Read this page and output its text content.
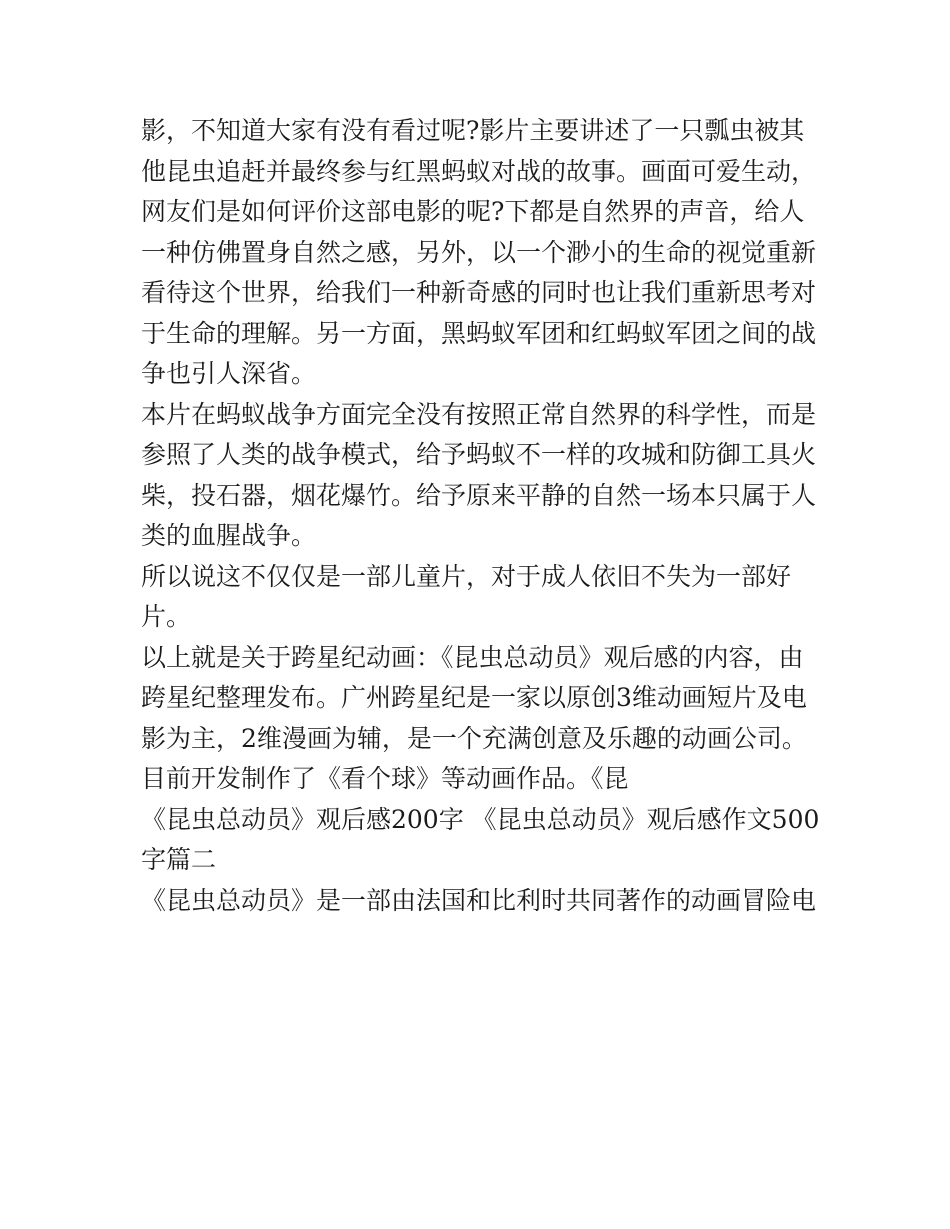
影，不知道大家有没有看过呢?影片主要讲述了一只瓢虫被其
他昆虫追赶并最终参与红黑蚂蚁对战的故事。画面可爱生动，
网友们是如何评价这部电影的呢?下都是自然界的声音，给人
一种仿佛置身自然之感，另外，以一个渺小的生命的视觉重新
看待这个世界，给我们一种新奇感的同时也让我们重新思考对
于生命的理解。另一方面，黑蚂蚁军团和红蚂蚁军团之间的战
争也引人深省。
本片在蚂蚁战争方面完全没有按照正常自然界的科学性，而是
参照了人类的战争模式，给予蚂蚁不一样的攻城和防御工具火
柴，投石器，烟花爆竹。给予原来平静的自然一场本只属于人
类的血腥战争。
所以说这不仅仅是一部儿童片，对于成人依旧不失为一部好
片。
以上就是关于跨星纪动画：《昆虫总动员》观后感的内容，由
跨星纪整理发布。广州跨星纪是一家以原创3维动画短片及电
影为主，2维漫画为辅，是一个充满创意及乐趣的动画公司。
目前开发制作了《看个球》等动画作品。《昆
《昆虫总动员》观后感200字 《昆虫总动员》观后感作文500
字篇二
《昆虫总动员》是一部由法国和比利时共同著作的动画冒险电
